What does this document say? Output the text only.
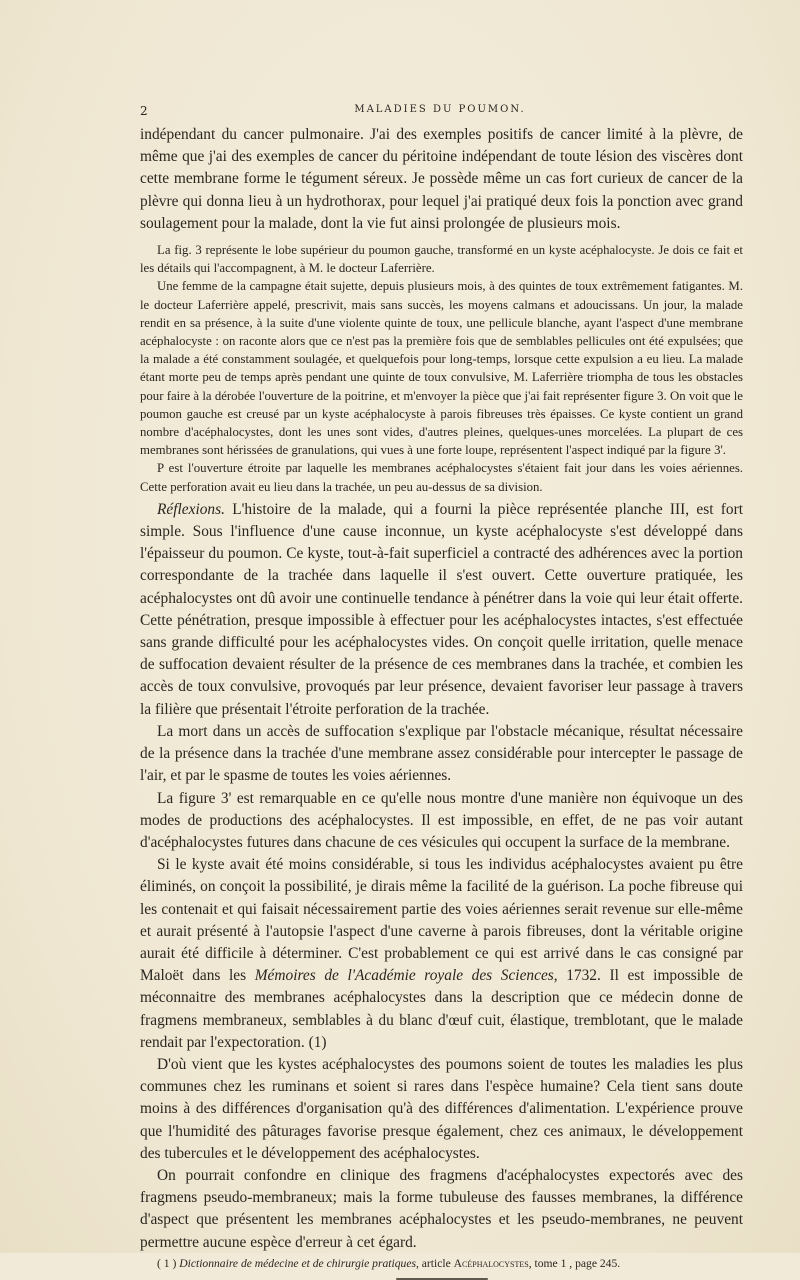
2	MALADIES DU POUMON.

indépendant du cancer pulmonaire. J'ai des exemples positifs de cancer limité à la plèvre, de même que j'ai des exemples de cancer du péritoine indépendant de toute lésion des viscères dont cette membrane forme le tégument séreux. Je possède même un cas fort curieux de cancer de la plèvre qui donna lieu à un hydrothorax, pour lequel j'ai pratiqué deux fois la ponction avec grand soulagement pour la malade, dont la vie fut ainsi prolongée de plusieurs mois.

La fig. 3 représente le lobe supérieur du poumon gauche, transformé en un kyste acéphalocyste. Je dois ce fait et les détails qui l'accompagnent, à M. le docteur Laferrière.

Une femme de la campagne était sujette, depuis plusieurs mois, à des quintes de toux extrêmement fatigantes. M. le docteur Laferrière appelé, prescrivit, mais sans succès, les moyens calmans et adoucissans. Un jour, la malade rendit en sa présence, à la suite d'une violente quinte de toux, une pellicule blanche, ayant l'aspect d'une membrane acéphalocyste : on raconte alors que ce n'est pas la première fois que de semblables pellicules ont été expulsées; que la malade a été constamment soulagée, et quelquefois pour long-temps, lorsque cette expulsion a eu lieu. La malade étant morte peu de temps après pendant une quinte de toux convulsive, M. Laferrière triompha de tous les obstacles pour faire à la dérobée l'ouverture de la poitrine, et m'envoyer la pièce que j'ai fait représenter figure 3. On voit que le poumon gauche est creusé par un kyste acéphalocyste à parois fibreuses très épaisses. Ce kyste contient un grand nombre d'acéphalocystes, dont les unes sont vides, d'autres pleines, quelques-unes morcelées. La plupart de ces membranes sont hérissées de granulations, qui vues à une forte loupe, représentent l'aspect indiqué par la figure 3'.

P est l'ouverture étroite par laquelle les membranes acéphalocystes s'étaient fait jour dans les voies aériennes. Cette perforation avait eu lieu dans la trachée, un peu au-dessus de sa division.

Réflexions. L'histoire de la malade, qui a fourni la pièce représentée planche III, est fort simple. Sous l'influence d'une cause inconnue, un kyste acéphalocyste s'est développé dans l'épaisseur du poumon. Ce kyste, tout-à-fait superficiel a contracté des adhérences avec la portion correspondante de la trachée dans laquelle il s'est ouvert. Cette ouverture pratiquée, les acéphalocystes ont dû avoir une continuelle tendance à pénétrer dans la voie qui leur était offerte. Cette pénétration, presque impossible à effectuer pour les acéphalocystes intactes, s'est effectuée sans grande difficulté pour les acéphalocystes vides. On conçoit quelle irritation, quelle menace de suffocation devaient résulter de la présence de ces membranes dans la trachée, et combien les accès de toux convulsive, provoqués par leur présence, devaient favoriser leur passage à travers la filière que présentait l'étroite perforation de la trachée.

La mort dans un accès de suffocation s'explique par l'obstacle mécanique, résultat nécessaire de la présence dans la trachée d'une membrane assez considérable pour intercepter le passage de l'air, et par le spasme de toutes les voies aériennes.

La figure 3' est remarquable en ce qu'elle nous montre d'une manière non équivoque un des modes de productions des acéphalocystes. Il est impossible, en effet, de ne pas voir autant d'acéphalocystes futures dans chacune de ces vésicules qui occupent la surface de la membrane.

Si le kyste avait été moins considérable, si tous les individus acéphalocystes avaient pu être éliminés, on conçoit la possibilité, je dirais même la facilité de la guérison. La poche fibreuse qui les contenait et qui faisait nécessairement partie des voies aériennes serait revenue sur elle-même et aurait présenté à l'autopsie l'aspect d'une caverne à parois fibreuses, dont la véritable origine aurait été difficile à déterminer. C'est probablement ce qui est arrivé dans le cas consigné par Maloët dans les Mémoires de l'Académie royale des Sciences, 1732. Il est impossible de méconnaitre des membranes acéphalocystes dans la description que ce médecin donne de fragmens membraneux, semblables à du blanc d'œuf cuit, élastique, tremblotant, que le malade rendait par l'expectoration. (1)

D'où vient que les kystes acéphalocystes des poumons soient de toutes les maladies les plus communes chez les ruminans et soient si rares dans l'espèce humaine? Cela tient sans doute moins à des différences d'organisation qu'à des différences d'alimentation. L'expérience prouve que l'humidité des pâturages favorise presque également, chez ces animaux, le développement des tubercules et le développement des acéphalocystes.

On pourrait confondre en clinique des fragmens d'acéphalocystes expectorés avec des fragmens pseudo-membraneux; mais la forme tubuleuse des fausses membranes, la différence d'aspect que présentent les membranes acéphalocystes et les pseudo-membranes, ne peuvent permettre aucune espèce d'erreur à cet égard.

( 1 ) Dictionnaire de médecine et de chirurgie pratiques, article Acéphalocystes, tome 1 , page 245.
